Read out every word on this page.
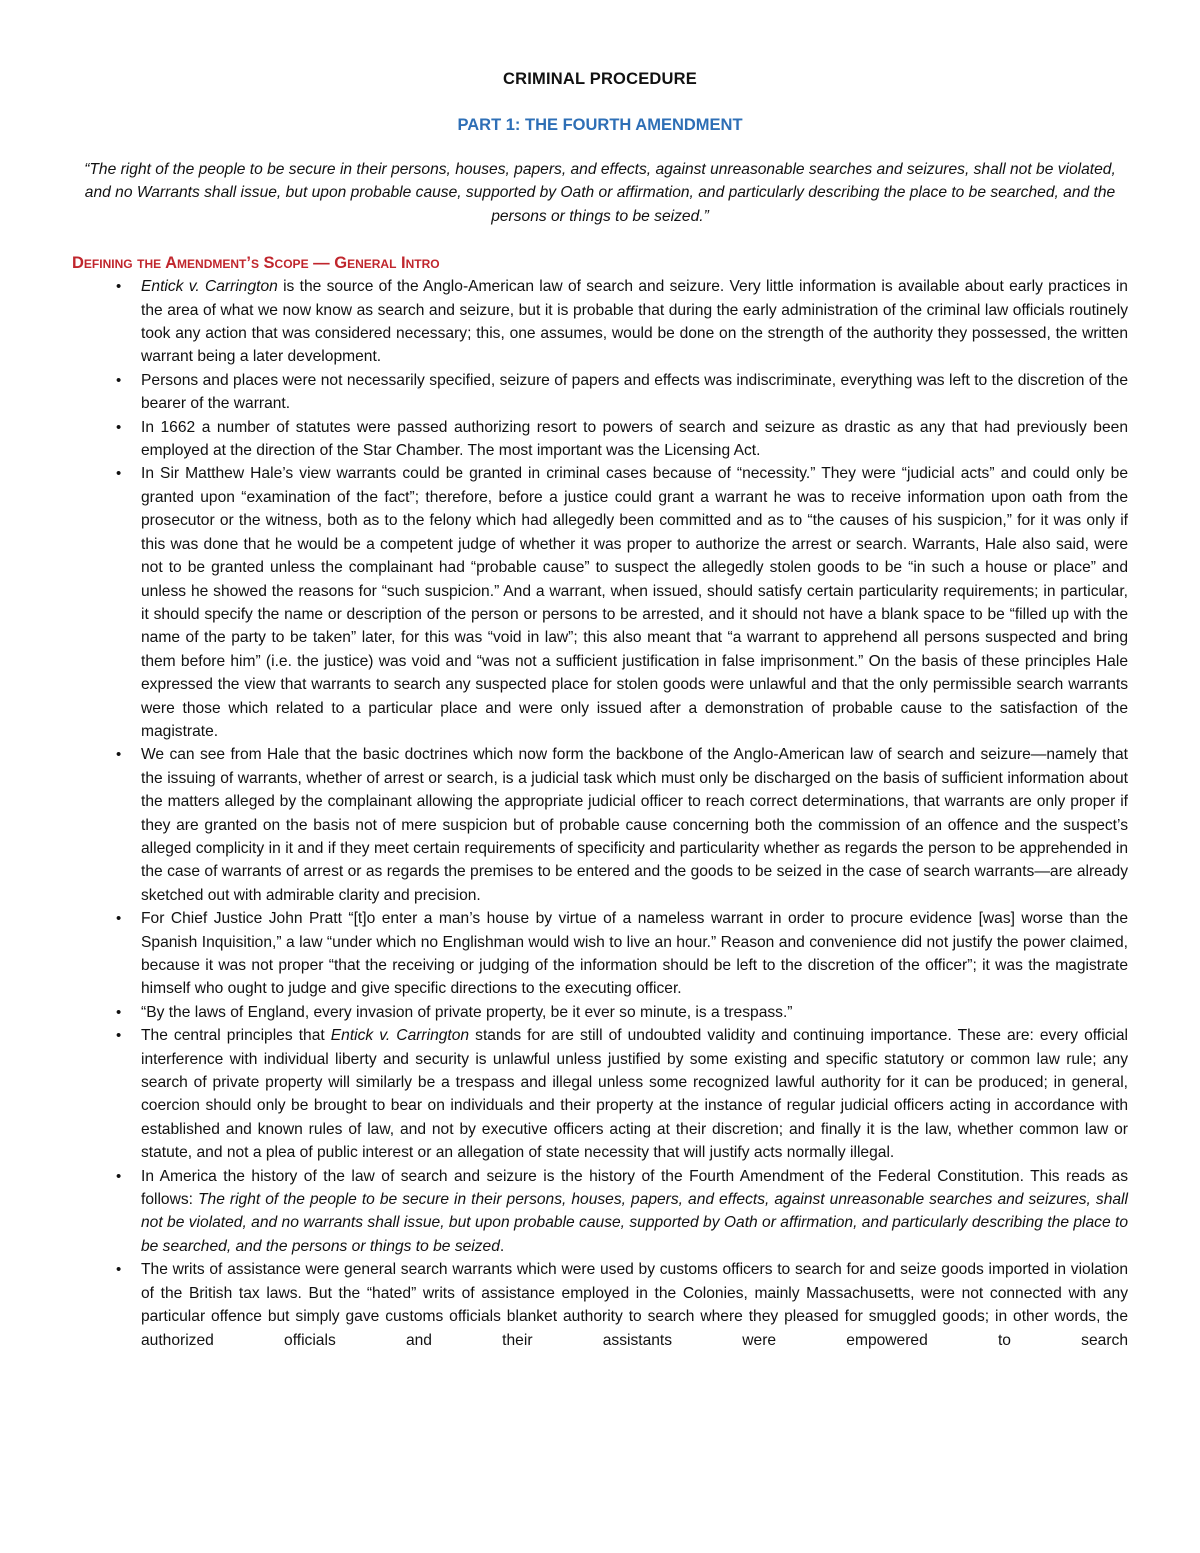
CRIMINAL PROCEDURE
PART 1: THE FOURTH AMENDMENT

“The right of the people to be secure in their persons, houses, papers, and effects, against unreasonable searches and seizures, shall not be violated, and no Warrants shall issue, but upon probable cause, supported by Oath or affirmation, and particularly describing the place to be searched, and the persons or things to be seized.”

Defining the Amendment’s Scope — General Intro
• Entick v. Carrington is the source of the Anglo-American law of search and seizure. Very little information is available about early practices in the area of what we now know as search and seizure, but it is probable that during the early administration of the criminal law officials routinely took any action that was considered necessary; this, one assumes, would be done on the strength of the authority they possessed, the written warrant being a later development.
• Persons and places were not necessarily specified, seizure of papers and effects was indiscriminate, everything was left to the discretion of the bearer of the warrant.
• In 1662 a number of statutes were passed authorizing resort to powers of search and seizure as drastic as any that had previously been employed at the direction of the Star Chamber. The most important was the Licensing Act.
• In Sir Matthew Hale’s view warrants could be granted in criminal cases because of “necessity.” They were “judicial acts” and could only be granted upon “examination of the fact”; therefore, before a justice could grant a warrant he was to receive information upon oath from the prosecutor or the witness, both as to the felony which had allegedly been committed and as to “the causes of his suspicion,” for it was only if this was done that he would be a competent judge of whether it was proper to authorize the arrest or search. Warrants, Hale also said, were not to be granted unless the complainant had “probable cause” to suspect the allegedly stolen goods to be “in such a house or place” and unless he showed the reasons for “such suspicion.” And a warrant, when issued, should satisfy certain particularity requirements; in particular, it should specify the name or description of the person or persons to be arrested, and it should not have a blank space to be “filled up with the name of the party to be taken” later, for this was “void in law”; this also meant that “a warrant to apprehend all persons suspected and bring them before him” (i.e. the justice) was void and “was not a sufficient justification in false imprisonment.” On the basis of these principles Hale expressed the view that warrants to search any suspected place for stolen goods were unlawful and that the only permissible search warrants were those which related to a particular place and were only issued after a demonstration of probable cause to the satisfaction of the magistrate.
• We can see from Hale that the basic doctrines which now form the backbone of the Anglo-American law of search and seizure—namely that the issuing of warrants, whether of arrest or search, is a judicial task which must only be discharged on the basis of sufficient information about the matters alleged by the complainant allowing the appropriate judicial officer to reach correct determinations, that warrants are only proper if they are granted on the basis not of mere suspicion but of probable cause concerning both the commission of an offence and the suspect’s alleged complicity in it and if they meet certain requirements of specificity and particularity whether as regards the person to be apprehended in the case of warrants of arrest or as regards the premises to be entered and the goods to be seized in the case of search warrants—are already sketched out with admirable clarity and precision.
• For Chief Justice John Pratt “[t]o enter a man’s house by virtue of a nameless warrant in order to procure evidence [was] worse than the Spanish Inquisition,” a law “under which no Englishman would wish to live an hour.” Reason and convenience did not justify the power claimed, because it was not proper “that the receiving or judging of the information should be left to the discretion of the officer”; it was the magistrate himself who ought to judge and give specific directions to the executing officer.
• “By the laws of England, every invasion of private property, be it ever so minute, is a trespass.”
• The central principles that Entick v. Carrington stands for are still of undoubted validity and continuing importance. These are: every official interference with individual liberty and security is unlawful unless justified by some existing and specific statutory or common law rule; any search of private property will similarly be a trespass and illegal unless some recognized lawful authority for it can be produced; in general, coercion should only be brought to bear on individuals and their property at the instance of regular judicial officers acting in accordance with established and known rules of law, and not by executive officers acting at their discretion; and finally it is the law, whether common law or statute, and not a plea of public interest or an allegation of state necessity that will justify acts normally illegal.
• In America the history of the law of search and seizure is the history of the Fourth Amendment of the Federal Constitution. This reads as follows: The right of the people to be secure in their persons, houses, papers, and effects, against unreasonable searches and seizures, shall not be violated, and no warrants shall issue, but upon probable cause, supported by Oath or affirmation, and particularly describing the place to be searched, and the persons or things to be seized.
• The writs of assistance were general search warrants which were used by customs officers to search for and seize goods imported in violation of the British tax laws. But the “hated” writs of assistance employed in the Colonies, mainly Massachusetts, were not connected with any particular offence but simply gave customs officials blanket authority to search where they pleased for smuggled goods; in other words, the authorized officials and their assistants were empowered to search
